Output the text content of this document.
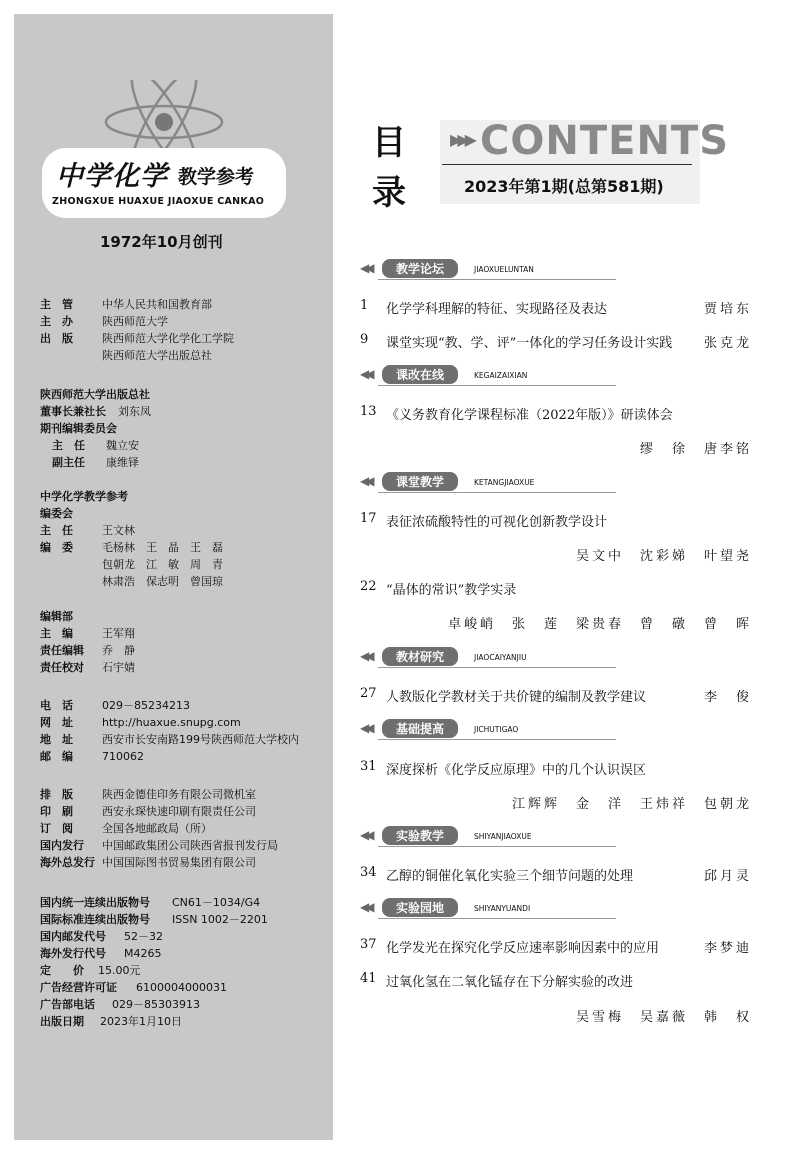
中学化学 教学参考
ZHONGXUE HUAXUE JIAOXUE CANKAO
1972年10月创刊
主　管	中华人民共和国教育部
主　办	陕西师范大学
出　版	陕西师范大学化学化工学院
陕西师范大学出版总社
陕西师范大学出版总社
董事长兼社长	刘东凤
期刊编辑委员会
主　任	魏立安
副主任	康维铎
中学化学教学参考
编委会
主　任	王文林
编　委	毛杨林　王　晶　王　磊
包朝龙　江　敏　周　青
林肃浩　保志明　曾国琼
编辑部
主　编	王军翔
责任编辑	乔　静
责任校对	石宇婧
电　话	029－85234213
网　址	http://huaxue.snupg.com
地　址	西安市长安南路199号陕西师范大学校内
邮　编	710062
排　版	陕西金德佳印务有限公司微机室
印　刷	西安永琛快速印刷有限责任公司
订　阅	全国各地邮政局（所）
国内发行	中国邮政集团公司陕西省报刊发行局
海外总发行 中国国际图书贸易集团有限公司
国内统一连续出版物号	CN61－1034/G4
国际标准连续出版物号	ISSN 1002－2201
国内邮发代号	52－32
海外发行代号	M4265
定　　价	15.00元
广告经营许可证	6100004000031
广告部电话	029－85303913
出版日期	2023年1月10日
目
录
▶▶▶ CONTENTS
2023年第1期(总第581期)
◀◀	教学论坛	JIAOXUELUNTAN
◀◀	课改在线	KEGAIZAIXIAN
◀◀	课堂教学	KETANGJIAOXUE
◀◀	教材研究	JIAOCAIYANJIU
◀◀	基础提高	JICHUTIGAO
◀◀	实验教学	SHIYANJIAOXUE
◀◀	实验园地	SHIYANYUANDI
1 化学学科理解的特征、实现路径及表达	贾培东
9 课堂实现“教、学、评”一体化的学习任务设计实践 张克龙
13 《义务教育化学课程标准（2022年版）》研读体会
缪　徐　 唐李铭
17 表征浓硫酸特性的可视化创新教学设计
吴文中　沈彩娣　 叶望尧
22 “晶体的常识”教学实录
卓峻峭　张　莲　梁贵春　曾　礅　 曾　晖
27 人教版化学教材关于共价键的编制及教学建议	李　俊
31 深度探析《化学反应原理》中的几个认识误区
江辉辉　金　洋　王炜祥　 包朝龙
34 乙醇的铜催化氧化实验三个细节问题的处理	邱月灵
37 化学发光在探究化学反应速率影响因素中的应用	李梦迪
41 过氧化氢在二氧化锰存在下分解实验的改进
吴雪梅　吴嘉薇　 韩　权
